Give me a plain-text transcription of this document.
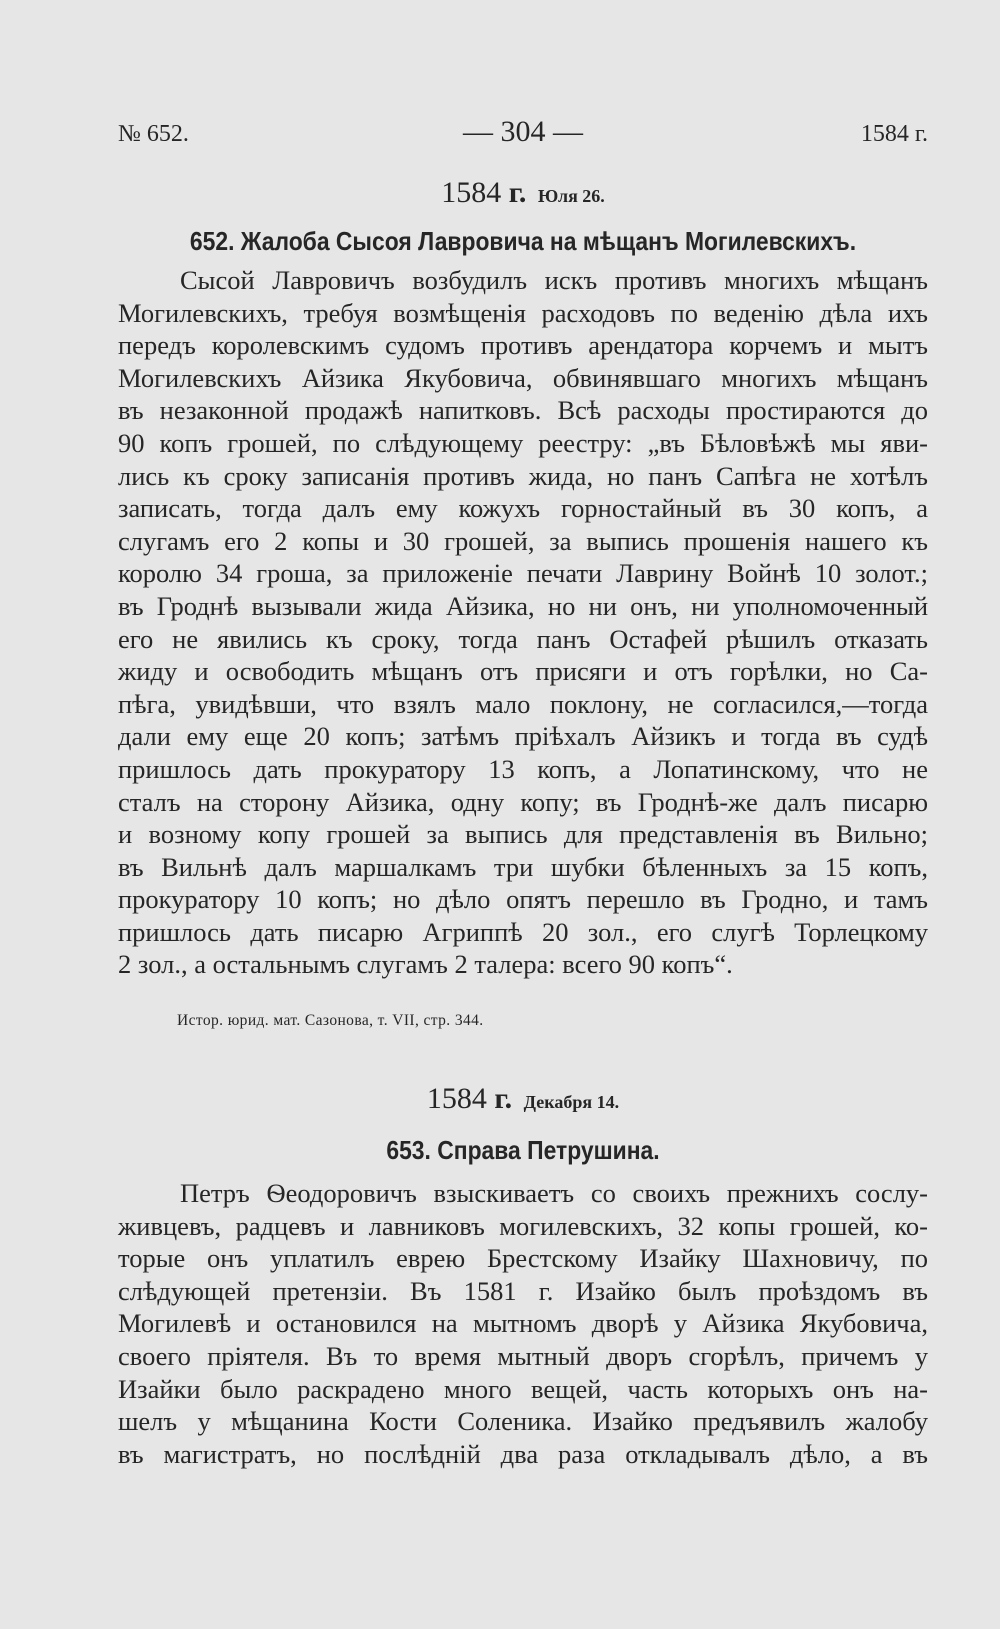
№ 652.	— 304 —	1584 г.
1584 г. Юля 26.
652. Жалоба Сысоя Лавровича на мѣщанъ Могилевскихъ.
Сысой Лавровичъ возбудилъ искъ противъ многихъ мѣщанъ
Могилевскихъ, требуя возмѣщенія расходовъ по веденію дѣла ихъ
передъ королевскимъ судомъ противъ арендатора корчемъ и мытъ
Могилевскихъ Айзика Якубовича, обвинявшаго многихъ мѣщанъ
въ незаконной продажѣ напитковъ. Всѣ расходы простираются до
90 копъ грошей, по слѣдующему реестру: „въ Бѣловѣжѣ мы яви-
лись къ сроку записанія противъ жида, но панъ Сапѣга не хотѣлъ
записать, тогда далъ ему кожухъ горностайный въ 30 копъ, а
слугамъ его 2 копы и 30 грошей, за выпись прошенія нашего къ
королю 34 гроша, за приложеніе печати Лаврину Войнѣ 10 золот.;
въ Гроднѣ вызывали жида Айзика, но ни онъ, ни уполномоченный
его не явились къ сроку, тогда панъ Остафей рѣшилъ отказать
жиду и освободить мѣщанъ отъ присяги и отъ горѣлки, но Са-
пѣга, увидѣвши, что взялъ мало поклону, не согласился,—тогда
дали ему еще 20 копъ; затѣмъ пріѣхалъ Айзикъ и тогда въ судѣ
пришлось дать прокуратору 13 копъ, а Лопатинскому, что не
сталъ на сторону Айзика, одну копу; въ Гроднѣ-же далъ писарю
и возному копу грошей за выпись для представленія въ Вильно;
въ Вильнѣ далъ маршалкамъ три шубки бѣленныхъ за 15 копъ,
прокуратору 10 копъ; но дѣло опятъ перешло въ Гродно, и тамъ
пришлось дать писарю Агриппѣ 20 зол., его слугѣ Торлецкому
2 зол., а остальнымъ слугамъ 2 талера: всего 90 копъ“.
Истор. юрид. мат. Сазонова, т. VII, стр. 344.
1584 г. Декабря 14.
653. Справа Петрушина.
Петръ Ѳеодоровичъ взыскиваетъ со своихъ прежнихъ сослу-
живцевъ, радцевъ и лавниковъ могилевскихъ, 32 копы грошей, ко-
торые онъ уплатилъ еврею Брестскому Изайку Шахновичу, по
слѣдующей претензіи. Въ 1581 г. Изайко былъ проѣздомъ въ
Могилевѣ и остановился на мытномъ дворѣ у Айзика Якубовича,
своего пріятеля. Въ то время мытный дворъ сгорѣлъ, причемъ у
Изайки было раскрадено много вещей, часть которыхъ онъ на-
шелъ у мѣщанина Кости Соленика. Изайко предъявилъ жалобу
въ магистратъ, но послѣдній два раза откладывалъ дѣло, а въ
